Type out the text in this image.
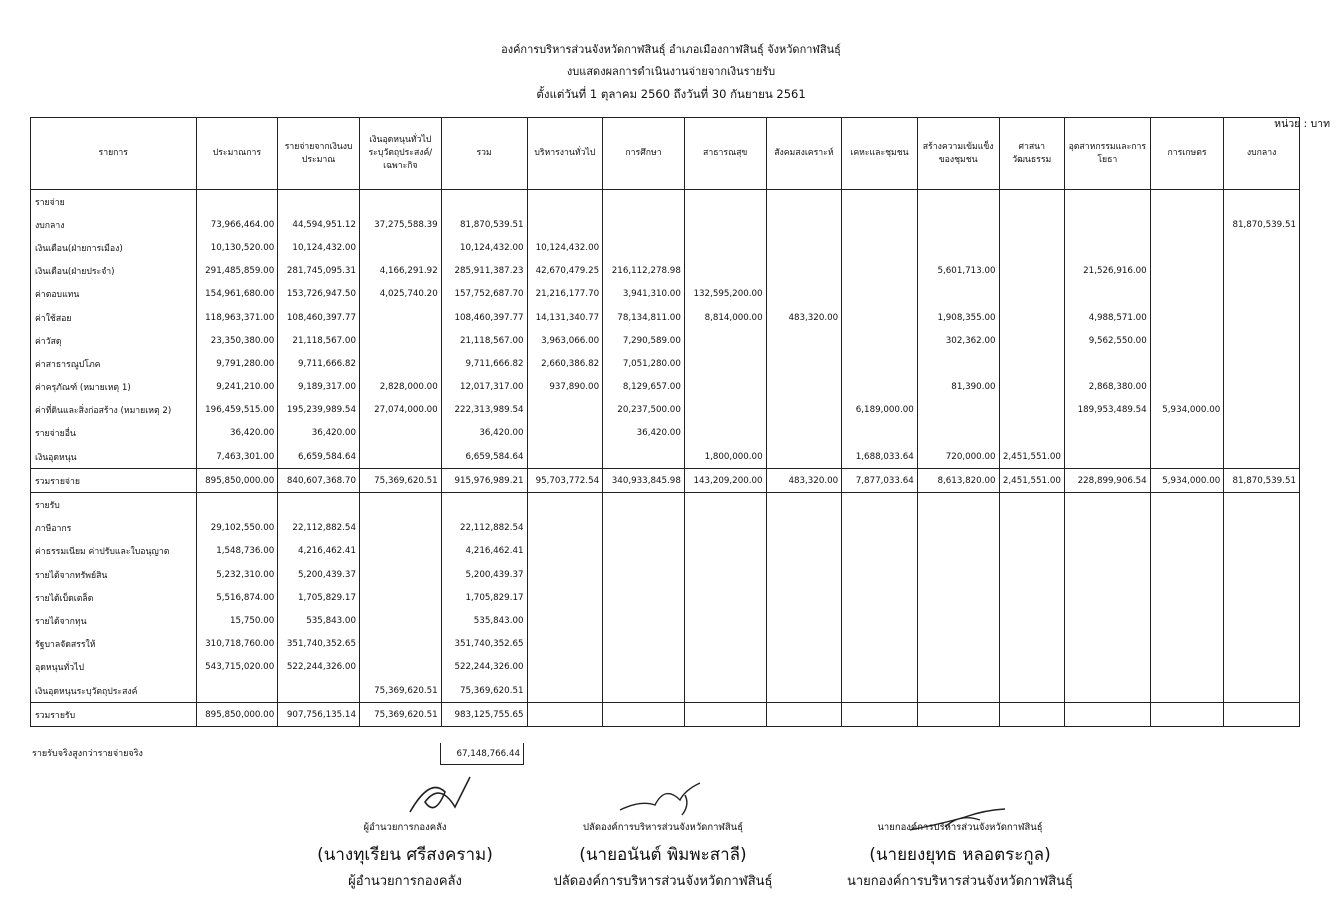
องค์การบริหารส่วนจังหวัดกาฬสินธุ์ อำเภอเมืองกาฬสินธุ์ จังหวัดกาฬสินธุ์
งบแสดงผลการดำเนินงานจ่ายจากเงินรายรับ
ตั้งแต่วันที่ 1 ตุลาคม 2560 ถึงวันที่ 30 กันยายน 2561
หน่วย : บาท
รายการ	ประมาณการ	รายจ่ายจากเงินงบประมาณ	เงินอุดหนุนทั่วไประบุวัตถุประสงค์/เฉพาะกิจ	รวม	บริหารงานทั่วไป	การศึกษา	สาธารณสุข	สังคมสงเคราะห์	เคหะและชุมชน	สร้างความเข้มแข็งของชุมชน	ศาสนาวัฒนธรรม	อุตสาหกรรมและการโยธา	การเกษตร	งบกลาง
รายจ่าย														
งบกลาง	73,966,464.00	44,594,951.12	37,275,588.39	81,870,539.51										81,870,539.51
เงินเดือน(ฝ่ายการเมือง)	10,130,520.00	10,124,432.00		10,124,432.00	10,124,432.00									
เงินเดือน(ฝ่ายประจำ)	291,485,859.00	281,745,095.31	4,166,291.92	285,911,387.23	42,670,479.25	216,112,278.98				5,601,713.00		21,526,916.00		
ค่าตอบแทน	154,961,680.00	153,726,947.50	4,025,740.20	157,752,687.70	21,216,177.70	3,941,310.00	132,595,200.00							
ค่าใช้สอย	118,963,371.00	108,460,397.77		108,460,397.77	14,131,340.77	78,134,811.00	8,814,000.00	483,320.00		1,908,355.00		4,988,571.00		
ค่าวัสดุ	23,350,380.00	21,118,567.00		21,118,567.00	3,963,066.00	7,290,589.00				302,362.00		9,562,550.00		
ค่าสาธารณูปโภค	9,791,280.00	9,711,666.82		9,711,666.82	2,660,386.82	7,051,280.00								
ค่าครุภัณฑ์ (หมายเหตุ 1)	9,241,210.00	9,189,317.00	2,828,000.00	12,017,317.00	937,890.00	8,129,657.00				81,390.00		2,868,380.00		
ค่าที่ดินและสิ่งก่อสร้าง (หมายเหตุ 2)	196,459,515.00	195,239,989.54	27,074,000.00	222,313,989.54		20,237,500.00			6,189,000.00			189,953,489.54	5,934,000.00	
รายจ่ายอื่น	36,420.00	36,420.00		36,420.00		36,420.00								
เงินอุดหนุน	7,463,301.00	6,659,584.64		6,659,584.64			1,800,000.00		1,688,033.64	720,000.00	2,451,551.00			
รวมรายจ่าย	895,850,000.00	840,607,368.70	75,369,620.51	915,976,989.21	95,703,772.54	340,933,845.98	143,209,200.00	483,320.00	7,877,033.64	8,613,820.00	2,451,551.00	228,899,906.54	5,934,000.00	81,870,539.51
รายรับ														
ภาษีอากร	29,102,550.00	22,112,882.54		22,112,882.54										
ค่าธรรมเนียม ค่าปรับและใบอนุญาต	1,548,736.00	4,216,462.41		4,216,462.41										
รายได้จากทรัพย์สิน	5,232,310.00	5,200,439.37		5,200,439.37										
รายได้เบ็ดเตล็ด	5,516,874.00	1,705,829.17		1,705,829.17										
รายได้จากทุน	15,750.00	535,843.00		535,843.00										
รัฐบาลจัดสรรให้	310,718,760.00	351,740,352.65		351,740,352.65										
อุดหนุนทั่วไป	543,715,020.00	522,244,326.00		522,244,326.00										
เงินอุดหนุนระบุวัตถุประสงค์			75,369,620.51	75,369,620.51										
รวมรายรับ	895,850,000.00	907,756,135.14	75,369,620.51	983,125,755.65										
รายรับจริงสูงกว่ารายจ่ายจริง	67,148,766.44
ผู้อำนวยการกองคลัง
(นางทุเรียน ศรีสงคราม)
ผู้อำนวยการกองคลัง
ปลัดองค์การบริหารส่วนจังหวัดกาฬสินธุ์
(นายอนันต์ พิมพะสาลี)
ปลัดองค์การบริหารส่วนจังหวัดกาฬสินธุ์
นายกองค์การบริหารส่วนจังหวัดกาฬสินธุ์
(นายยงยุทธ หลอตระกูล)
นายกองค์การบริหารส่วนจังหวัดกาฬสินธุ์
